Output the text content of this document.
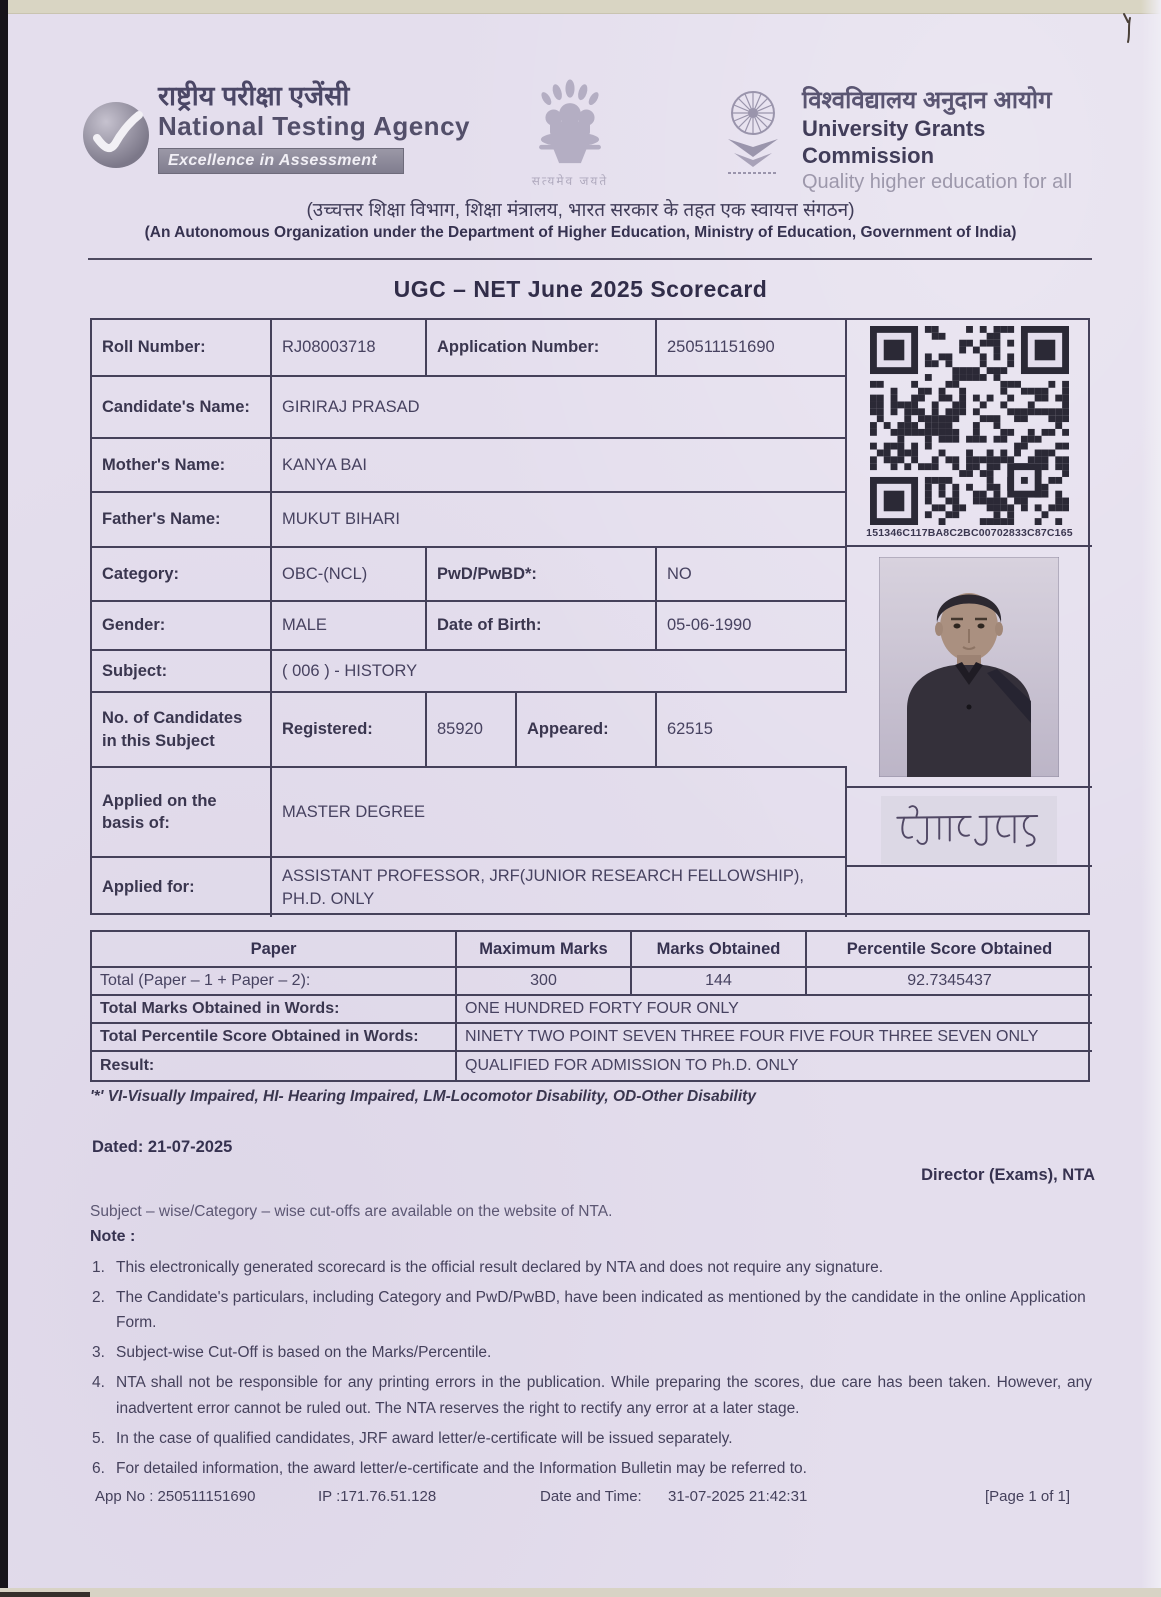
राष्ट्रीय परीक्षा एजेंसी
National Testing Agency
Excellence in Assessment
सत्यमेव जयते
विश्वविद्यालय अनुदान आयोग
University Grants Commission
Quality higher education for all
(उच्चत्तर शिक्षा विभाग, शिक्षा मंत्रालय, भारत सरकार के तहत एक स्वायत्त संगठन)
(An Autonomous Organization under the Department of Higher Education, Ministry of Education, Government of India)
UGC – NET June 2025 Scorecard
Roll Number:	RJ08003718	Application Number:	250511151690
151346C117BA8C2BC00702833C87C165
Candidate's Name:	GIRIRAJ PRASAD
Mother's Name:	KANYA BAI
Father's Name:	MUKUT BIHARI
Category:	OBC-(NCL)	PwD/PwBD*:	NO
Gender:	MALE	Date of Birth:	05-06-1990
Subject:	( 006 ) - HISTORY
No. of Candidates in this Subject
Registered:	85920	Appeared:	62515
Applied on the basis of:
MASTER DEGREE
Applied for:
ASSISTANT PROFESSOR, JRF(JUNIOR RESEARCH FELLOWSHIP), PH.D. ONLY
Paper	Maximum Marks	Marks Obtained	Percentile Score Obtained
Total (Paper – 1 + Paper – 2):	300	144	92.7345437
Total Marks Obtained in Words:	ONE HUNDRED FORTY FOUR ONLY
Total Percentile Score Obtained in Words:	NINETY TWO POINT SEVEN THREE FOUR FIVE FOUR THREE SEVEN ONLY
Result:	QUALIFIED FOR ADMISSION TO Ph.D. ONLY
'*' VI-Visually Impaired, HI- Hearing Impaired, LM-Locomotor Disability, OD-Other Disability
Dated: 21-07-2025
Director (Exams), NTA
Subject – wise/Category – wise cut-offs are available on the website of NTA.
Note :
1. This electronically generated scorecard is the official result declared by NTA and does not require any signature.
2. The Candidate's particulars, including Category and PwD/PwBD, have been indicated as mentioned by the candidate in the online Application Form.
3. Subject-wise Cut-Off is based on the Marks/Percentile.
4. NTA shall not be responsible for any printing errors in the publication. While preparing the scores, due care has been taken. However, any inadvertent error cannot be ruled out. The NTA reserves the right to rectify any error at a later stage.
5. In the case of qualified candidates, JRF award letter/e-certificate will be issued separately.
6. For detailed information, the award letter/e-certificate and the Information Bulletin may be referred to.
App No : 250511151690	IP :171.76.51.128	Date and Time: 31-07-2025 21:42:31	[Page 1 of 1]
